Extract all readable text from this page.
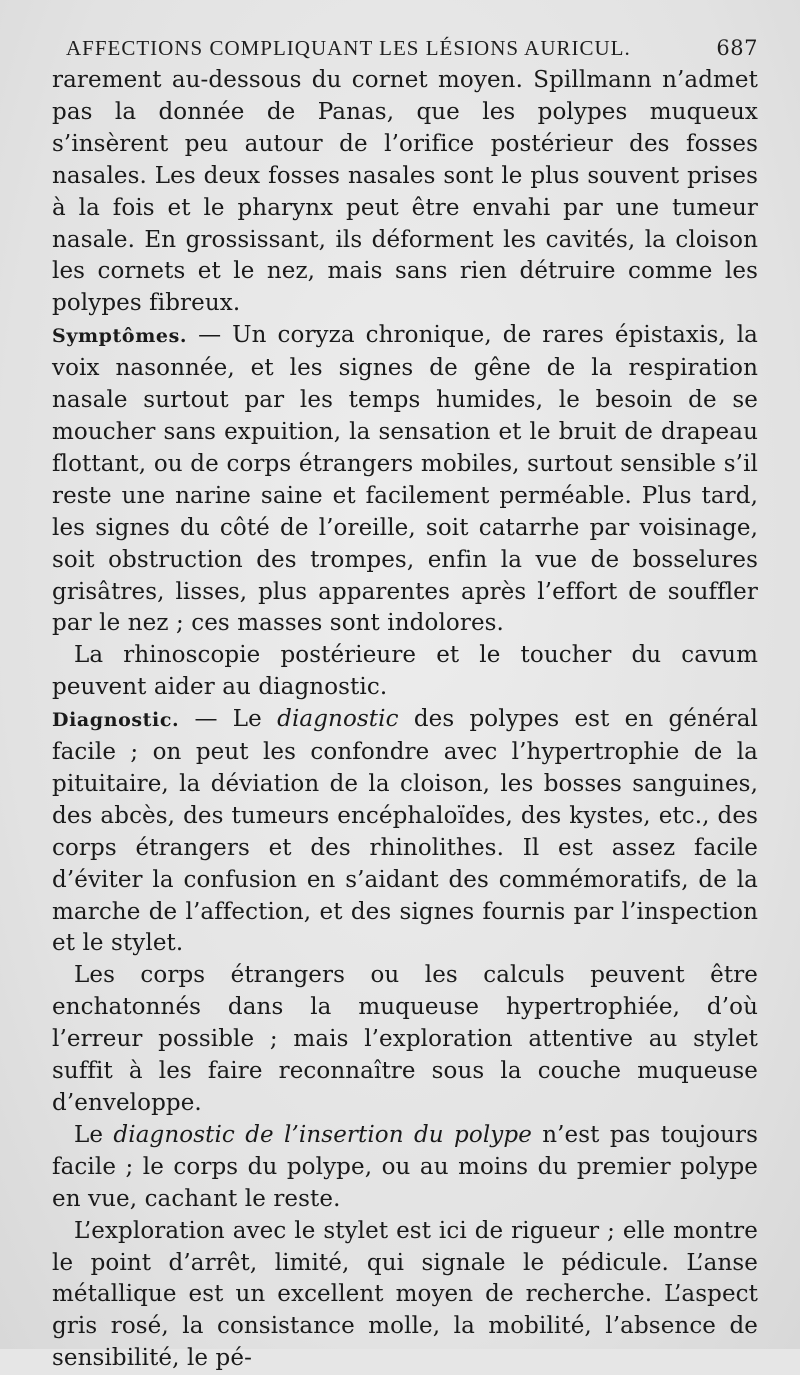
AFFECTIONS COMPLIQUANT LES LÉSIONS AURICUL.	687

rarement au-dessous du cornet moyen. Spillmann n’admet pas la donnée de Panas, que les polypes muqueux s’insèrent peu autour de l’orifice postérieur des fosses nasales. Les deux fosses nasales sont le plus souvent prises à la fois et le pharynx peut être envahi par une tumeur nasale. En grossissant, ils déforment les cavités, la cloison les cornets et le nez, mais sans rien détruire comme les polypes fibreux.

Symptômes. — Un coryza chronique, de rares épistaxis, la voix nasonnée, et les signes de gêne de la respiration nasale surtout par les temps humides, le besoin de se moucher sans expuition, la sensation et le bruit de drapeau flottant, ou de corps étrangers mobiles, surtout sensible s’il reste une narine saine et facilement perméable. Plus tard, les signes du côté de l’oreille, soit catarrhe par voisinage, soit obstruction des trompes, enfin la vue de bosselures grisâtres, lisses, plus apparentes après l’effort de souffler par le nez ; ces masses sont indolores.

La rhinoscopie postérieure et le toucher du cavum peuvent aider au diagnostic.

Diagnostic. — Le diagnostic des polypes est en général facile ; on peut les confondre avec l’hypertrophie de la pituitaire, la déviation de la cloison, les bosses sanguines, des abcès, des tumeurs encéphaloïdes, des kystes, etc., des corps étrangers et des rhinolithes. Il est assez facile d’éviter la confusion en s’aidant des commémoratifs, de la marche de l’affection, et des signes fournis par l’inspection et le stylet.

Les corps étrangers ou les calculs peuvent être enchatonnés dans la muqueuse hypertrophiée, d’où l’erreur possible ; mais l’exploration attentive au stylet suffit à les faire reconnaître sous la couche muqueuse d’enveloppe.

Le diagnostic de l’insertion du polype n’est pas toujours facile ; le corps du polype, ou au moins du premier polype en vue, cachant le reste.

L’exploration avec le stylet est ici de rigueur ; elle montre le point d’arrêt, limité, qui signale le pédicule. L’anse métallique est un excellent moyen de recherche. L’aspect gris rosé, la consistance molle, la mobilité, l’absence de sensibilité, le pé-
